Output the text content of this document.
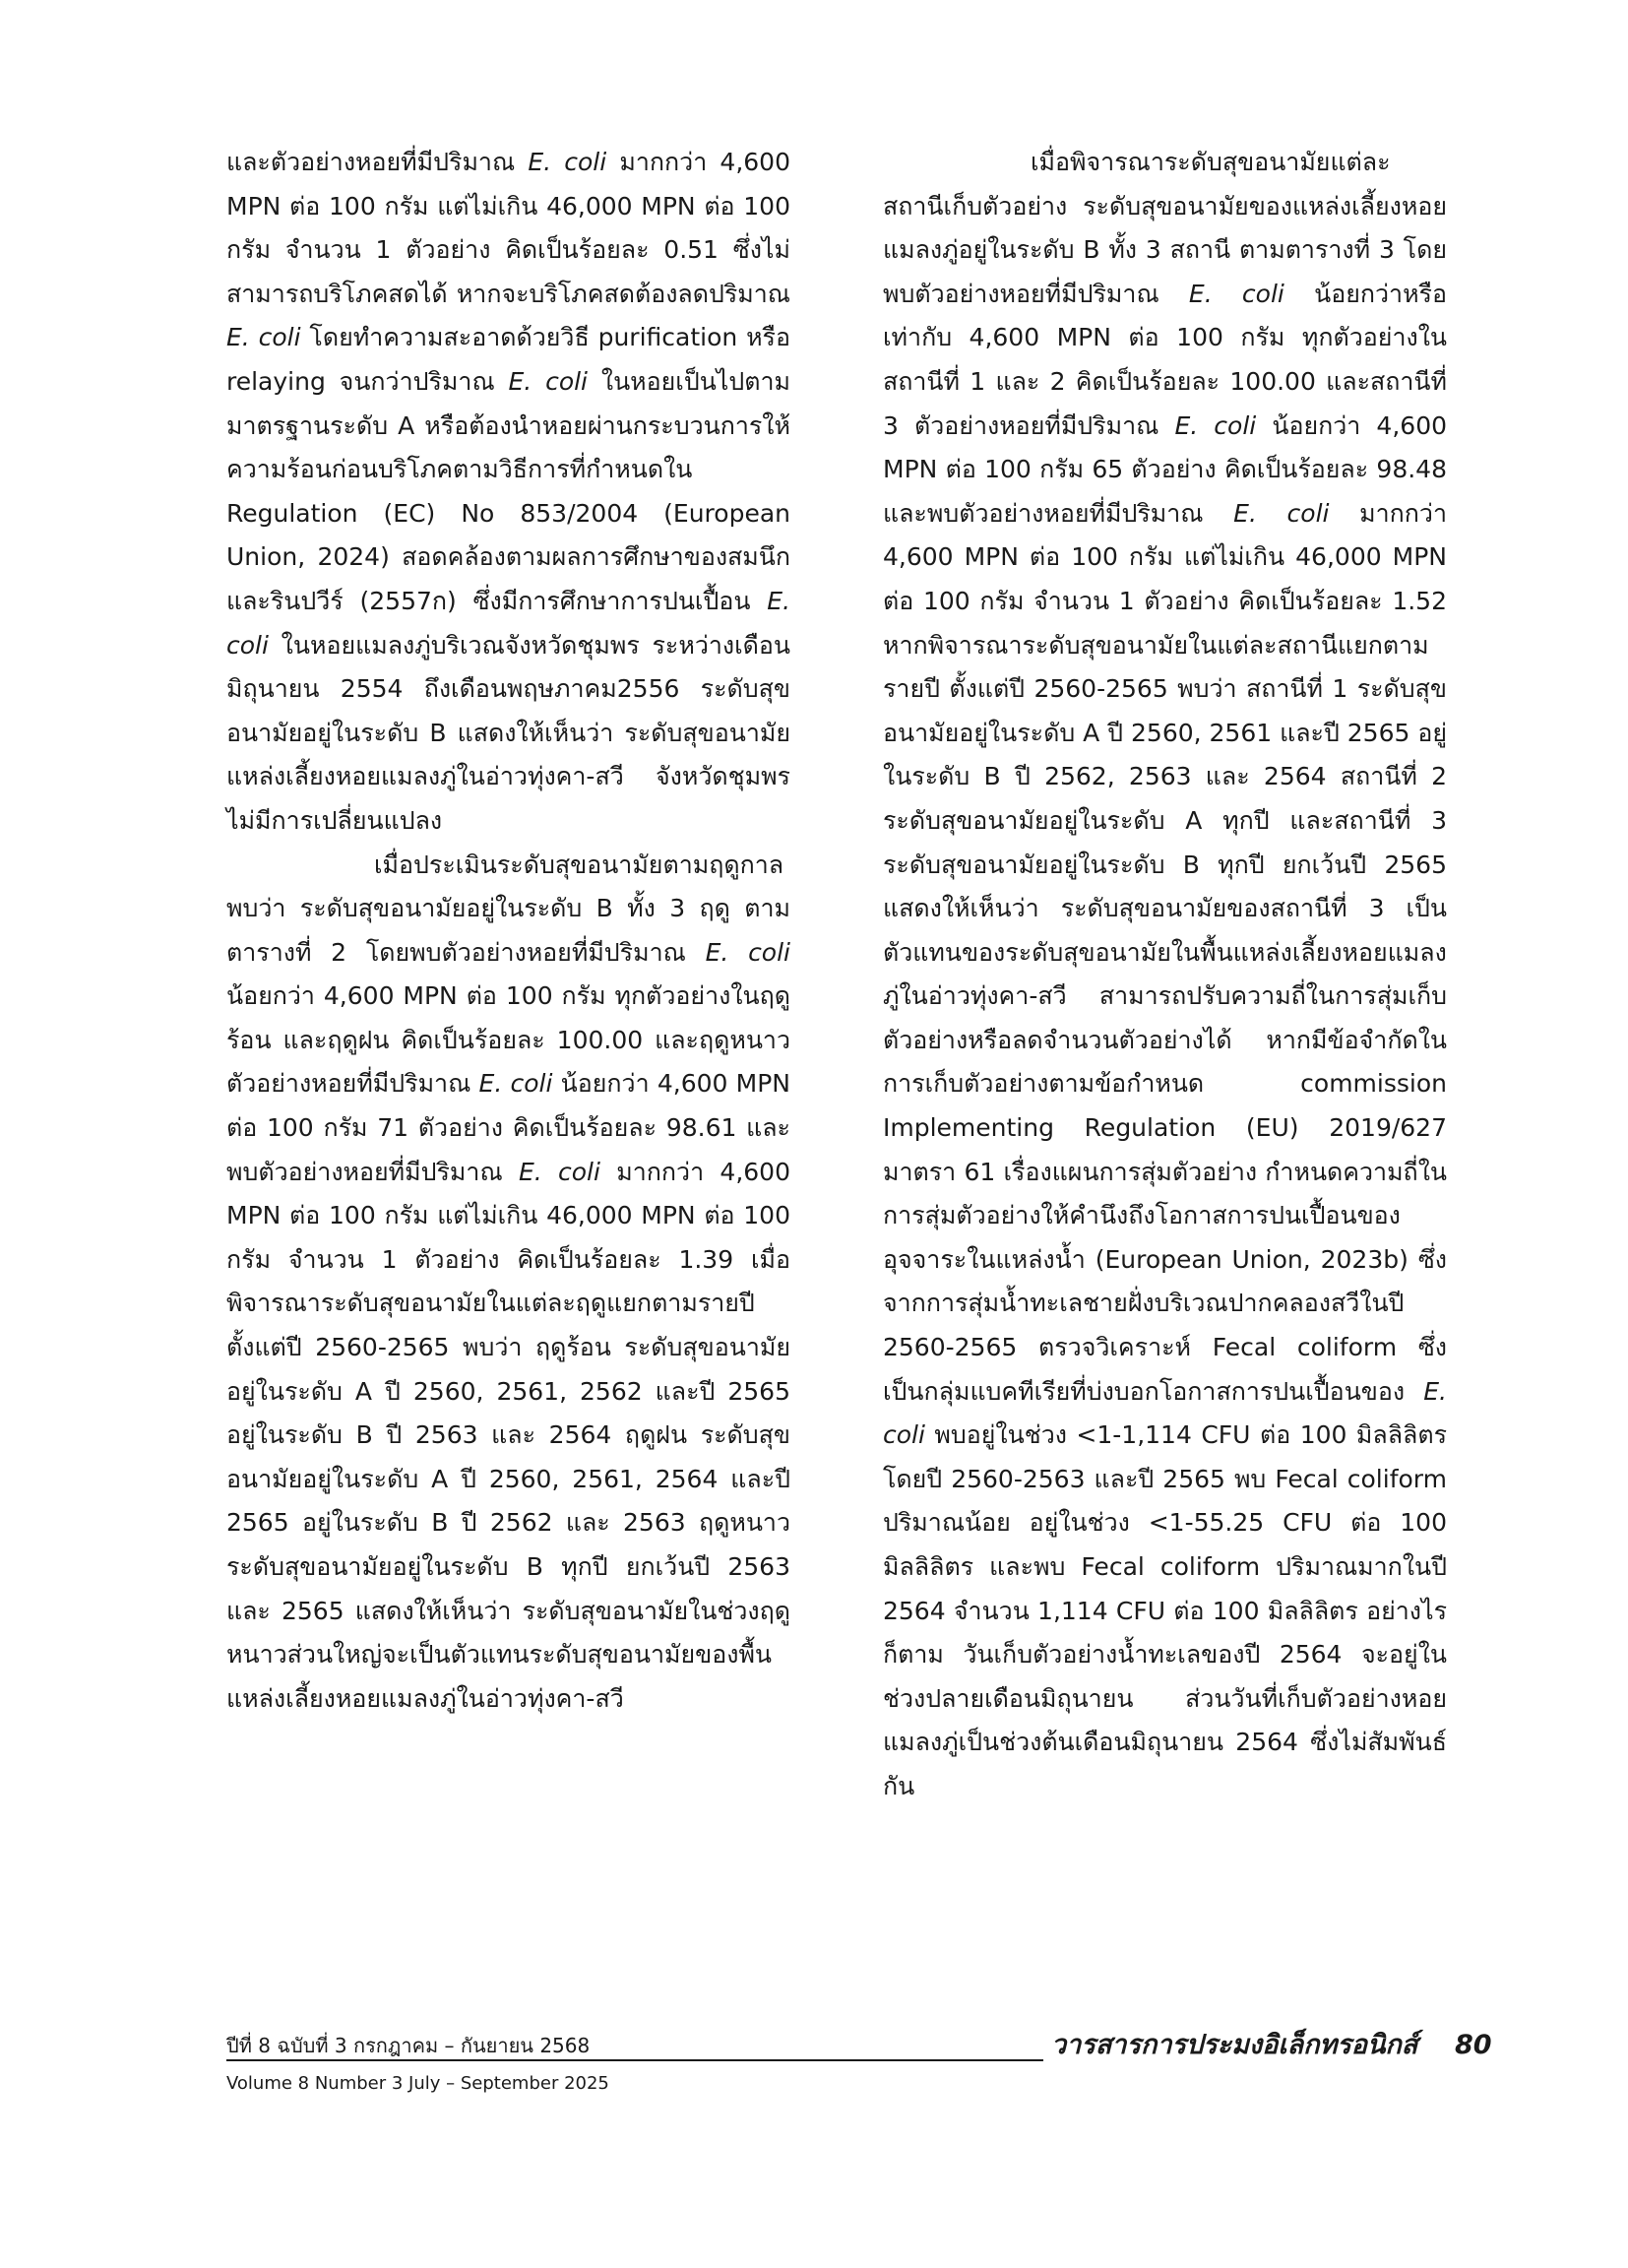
และตัวอย่างหอยที่มีปริมาณ E. coli มากกว่า 4,600 MPN ต่อ 100 กรัม แต่ไม่เกิน 46,000 MPN ต่อ 100 กรัม จำนวน 1 ตัวอย่าง คิดเป็นร้อยละ 0.51 ซึ่งไม่สามารถบริโภคสดได้ หากจะบริโภคสดต้องลดปริมาณ E. coli โดยทำความสะอาดด้วยวิธี purification หรือ relaying จนกว่าปริมาณ E. coli ในหอยเป็นไปตามมาตรฐานระดับ A หรือต้องนำหอยผ่านกระบวนการให้ความร้อนก่อนบริโภคตามวิธีการที่กำหนดใน Regulation (EC) No 853/2004 (European Union, 2024) สอดคล้องตามผลการศึกษาของสมนึก และรินปวีร์ (2557ก) ซึ่งมีการศึกษาการปนเปื้อน E. coli ในหอยแมลงภู่บริเวณจังหวัดชุมพร ระหว่างเดือนมิถุนายน 2554 ถึงเดือนพฤษภาคม2556 ระดับสุขอนามัยอยู่ในระดับ B แสดงให้เห็นว่า ระดับสุขอนามัยแหล่งเลี้ยงหอยแมลงภู่ในอ่าวทุ่งคา-สวี จังหวัดชุมพร ไม่มีการเปลี่ยนแปลง

เมื่อประเมินระดับสุขอนามัยตามฤดูกาล พบว่า ระดับสุขอนามัยอยู่ในระดับ B ทั้ง 3 ฤดู ตามตารางที่ 2 โดยพบตัวอย่างหอยที่มีปริมาณ E. coli น้อยกว่า 4,600 MPN ต่อ 100 กรัม ทุกตัวอย่างในฤดูร้อน และฤดูฝน คิดเป็นร้อยละ 100.00 และฤดูหนาว ตัวอย่างหอยที่มีปริมาณ E. coli น้อยกว่า 4,600 MPN ต่อ 100 กรัม 71 ตัวอย่าง คิดเป็นร้อยละ 98.61 และพบตัวอย่างหอยที่มีปริมาณ E. coli มากกว่า 4,600 MPN ต่อ 100 กรัม แต่ไม่เกิน 46,000 MPN ต่อ 100 กรัม จำนวน 1 ตัวอย่าง คิดเป็นร้อยละ 1.39 เมื่อพิจารณาระดับสุขอนามัยในแต่ละฤดูแยกตามรายปีตั้งแต่ปี 2560-2565 พบว่า ฤดูร้อน ระดับสุขอนามัยอยู่ในระดับ A ปี 2560, 2561, 2562 และปี 2565 อยู่ในระดับ B ปี 2563 และ 2564 ฤดูฝน ระดับสุขอนามัยอยู่ในระดับ A ปี 2560, 2561, 2564 และปี 2565 อยู่ในระดับ B ปี 2562 และ 2563 ฤดูหนาว ระดับสุขอนามัยอยู่ในระดับ B ทุกปี ยกเว้นปี 2563 และ 2565 แสดงให้เห็นว่า ระดับสุขอนามัยในช่วงฤดูหนาวส่วนใหญ่จะเป็นตัวแทนระดับสุขอนามัยของพื้นแหล่งเลี้ยงหอยแมลงภู่ในอ่าวทุ่งคา-สวี

เมื่อพิจารณาระดับสุขอนามัยแต่ละสถานีเก็บตัวอย่าง ระดับสุขอนามัยของแหล่งเลี้ยงหอยแมลงภู่อยู่ในระดับ B ทั้ง 3 สถานี ตามตารางที่ 3 โดยพบตัวอย่างหอยที่มีปริมาณ E. coli น้อยกว่าหรือเท่ากับ 4,600 MPN ต่อ 100 กรัม ทุกตัวอย่างในสถานีที่ 1 และ 2 คิดเป็นร้อยละ 100.00 และสถานีที่ 3 ตัวอย่างหอยที่มีปริมาณ E. coli น้อยกว่า 4,600 MPN ต่อ 100 กรัม 65 ตัวอย่าง คิดเป็นร้อยละ 98.48 และพบตัวอย่างหอยที่มีปริมาณ E. coli มากกว่า 4,600 MPN ต่อ 100 กรัม แต่ไม่เกิน 46,000 MPN ต่อ 100 กรัม จำนวน 1 ตัวอย่าง คิดเป็นร้อยละ 1.52 หากพิจารณาระดับสุขอนามัยในแต่ละสถานีแยกตามรายปี ตั้งแต่ปี 2560-2565 พบว่า สถานีที่ 1 ระดับสุขอนามัยอยู่ในระดับ A ปี 2560, 2561 และปี 2565 อยู่ในระดับ B ปี 2562, 2563 และ 2564 สถานีที่ 2 ระดับสุขอนามัยอยู่ในระดับ A ทุกปี และสถานีที่ 3 ระดับสุขอนามัยอยู่ในระดับ B ทุกปี ยกเว้นปี 2565 แสดงให้เห็นว่า ระดับสุขอนามัยของสถานีที่ 3 เป็นตัวแทนของระดับสุขอนามัยในพื้นแหล่งเลี้ยงหอยแมลงภู่ในอ่าวทุ่งคา-สวี สามารถปรับความถี่ในการสุ่มเก็บตัวอย่างหรือลดจำนวนตัวอย่างได้ หากมีข้อจำกัดในการเก็บตัวอย่างตามข้อกำหนด commission Implementing Regulation (EU) 2019/627 มาตรา 61 เรื่องแผนการสุ่มตัวอย่าง กำหนดความถี่ในการสุ่มตัวอย่างให้คำนึงถึงโอกาสการปนเปื้อนของอุจจาระในแหล่งน้ำ (European Union, 2023b) ซึ่งจากการสุ่มน้ำทะเลชายฝั่งบริเวณปากคลองสวีในปี 2560-2565 ตรวจวิเคราะห์ Fecal coliform ซึ่งเป็นกลุ่มแบคทีเรียที่บ่งบอกโอกาสการปนเปื้อนของ E. coli พบอยู่ในช่วง <1-1,114 CFU ต่อ 100 มิลลิลิตร โดยปี 2560-2563 และปี 2565 พบ Fecal coliform ปริมาณน้อย อยู่ในช่วง <1-55.25 CFU ต่อ 100 มิลลิลิตร และพบ Fecal coliform ปริมาณมากในปี 2564 จำนวน 1,114 CFU ต่อ 100 มิลลิลิตร อย่างไรก็ตาม วันเก็บตัวอย่างน้ำทะเลของปี 2564 จะอยู่ในช่วงปลายเดือนมิถุนายน ส่วนวันที่เก็บตัวอย่างหอยแมลงภู่เป็นช่วงต้นเดือนมิถุนายน 2564 ซึ่งไม่สัมพันธ์กัน

ปีที่ 8 ฉบับที่ 3 กรกฎาคม – กันยายน 2568
Volume 8 Number 3 July – September 2025
วารสารการประมงอิเล็กทรอนิกส์ 80
